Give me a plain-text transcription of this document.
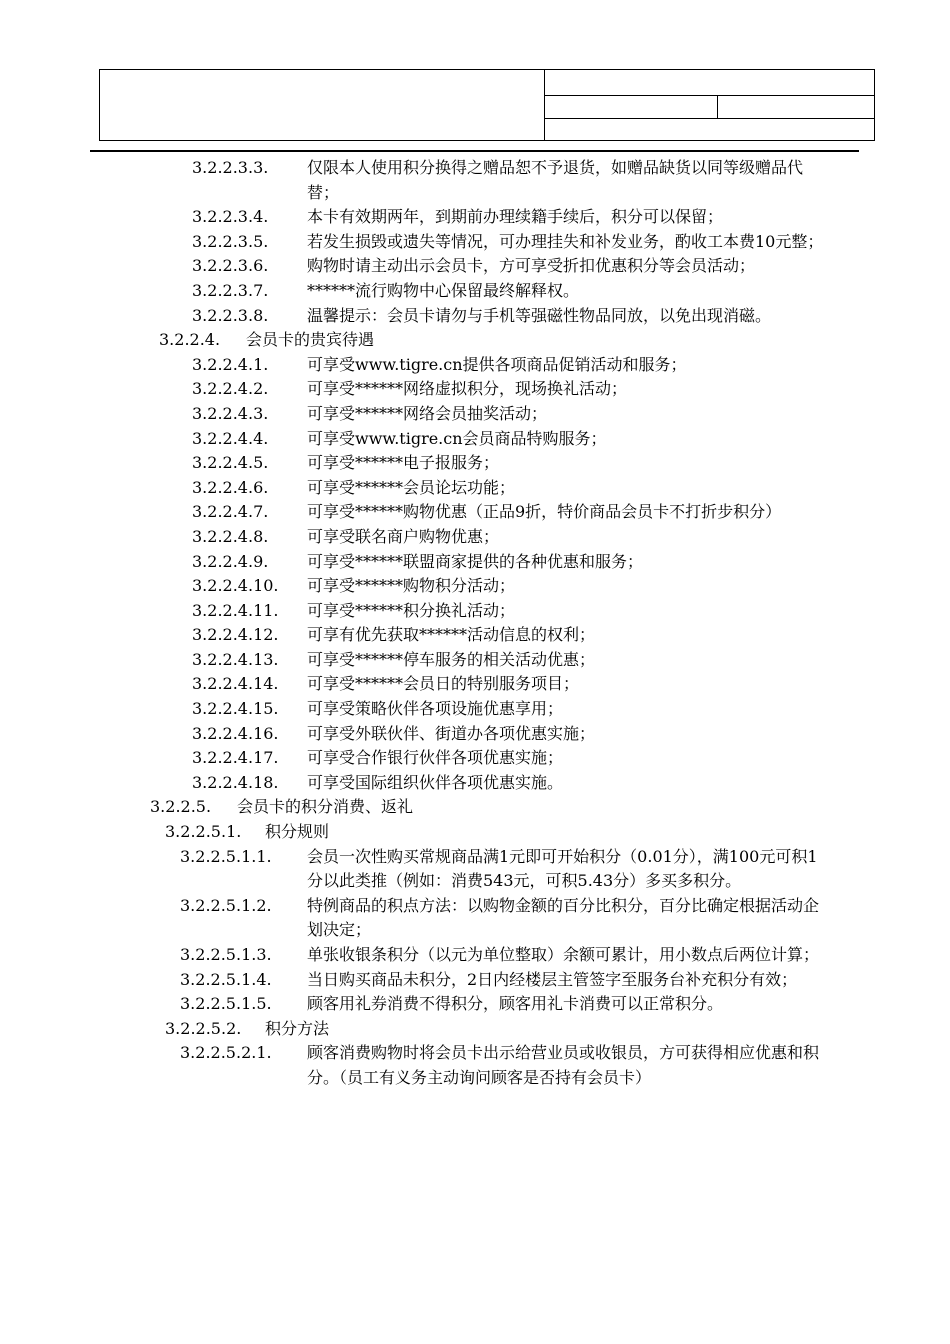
3.2.2.3.3. 仅限本人使用积分换得之赠品恕不予退货，如赠品缺货以同等级赠品代替；
3.2.2.3.4. 本卡有效期两年，到期前办理续籍手续后，积分可以保留；
3.2.2.3.5. 若发生损毁或遗失等情况，可办理挂失和补发业务，酌收工本费10元整；
3.2.2.3.6. 购物时请主动出示会员卡，方可享受折扣优惠积分等会员活动；
3.2.2.3.7. ******流行购物中心保留最终解释权。
3.2.2.3.8. 温馨提示：会员卡请勿与手机等强磁性物品同放，以免出现消磁。
3.2.2.4. 会员卡的贵宾待遇
3.2.2.4.1. 可享受www.tigre.cn提供各项商品促销活动和服务；
3.2.2.4.2. 可享受******网络虚拟积分，现场换礼活动；
3.2.2.4.3. 可享受******网络会员抽奖活动；
3.2.2.4.4. 可享受www.tigre.cn会员商品特购服务；
3.2.2.4.5. 可享受******电子报服务；
3.2.2.4.6. 可享受******会员论坛功能；
3.2.2.4.7. 可享受******购物优惠（正品9折，特价商品会员卡不打折步积分）
3.2.2.4.8. 可享受联名商户购物优惠；
3.2.2.4.9. 可享受******联盟商家提供的各种优惠和服务；
3.2.2.4.10. 可享受******购物积分活动；
3.2.2.4.11. 可享受******积分换礼活动；
3.2.2.4.12. 可享有优先获取******活动信息的权利；
3.2.2.4.13. 可享受******停车服务的相关活动优惠；
3.2.2.4.14. 可享受******会员日的特别服务项目；
3.2.2.4.15. 可享受策略伙伴各项设施优惠享用；
3.2.2.4.16. 可享受外联伙伴、街道办各项优惠实施；
3.2.2.4.17. 可享受合作银行伙伴各项优惠实施；
3.2.2.4.18. 可享受国际组织伙伴各项优惠实施。
3.2.2.5. 会员卡的积分消费、返礼
3.2.2.5.1. 积分规则
3.2.2.5.1.1. 会员一次性购买常规商品满1元即可开始积分（0.01分），满100元可积1分以此类推（例如：消费543元，可积5.43分）多买多积分。
3.2.2.5.1.2. 特例商品的积点方法：以购物金额的百分比积分，百分比确定根据活动企划决定；
3.2.2.5.1.3. 单张收银条积分（以元为单位整取）余额可累计，用小数点后两位计算；
3.2.2.5.1.4. 当日购买商品未积分，2日内经楼层主管签字至服务台补充积分有效；
3.2.2.5.1.5. 顾客用礼券消费不得积分，顾客用礼卡消费可以正常积分。
3.2.2.5.2. 积分方法
3.2.2.5.2.1. 顾客消费购物时将会员卡出示给营业员或收银员，方可获得相应优惠和积分。（员工有义务主动询问顾客是否持有会员卡）
